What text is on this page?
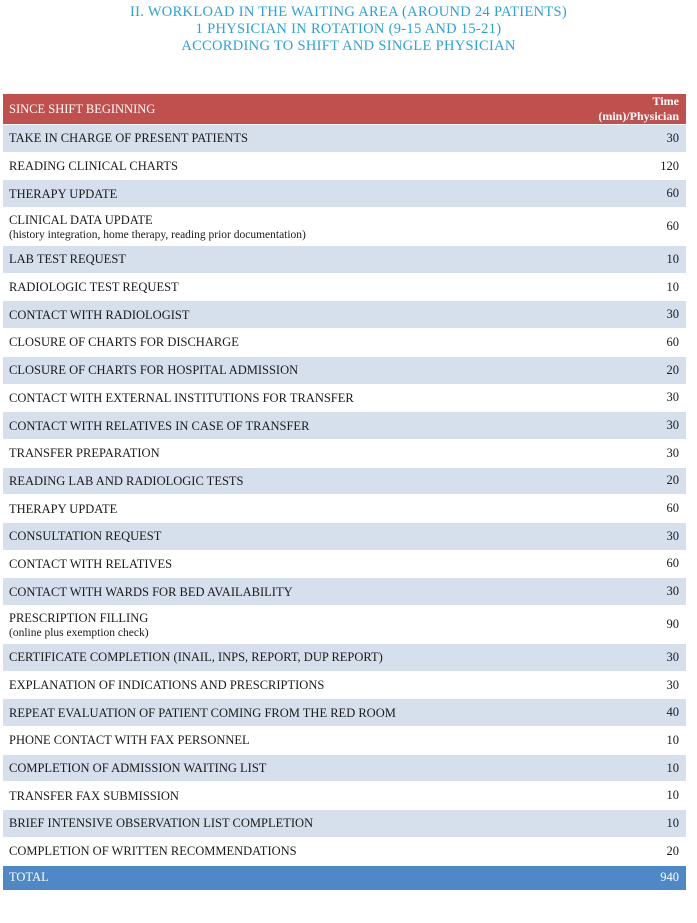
II. WORKLOAD IN THE WAITING AREA (AROUND 24 PATIENTS)
1 PHYSICIAN IN ROTATION (9-15 AND 15-21)
ACCORDING TO SHIFT AND SINGLE PHYSICIAN
SINCE SHIFT BEGINNING	Time (min)/Physician

TAKE IN CHARGE OF PRESENT PATIENTS	30

READING CLINICAL CHARTS	120

THERAPY UPDATE	60

CLINICAL DATA UPDATE
(history integration, home therapy, reading prior documentation)	60

LAB TEST REQUEST	10

RADIOLOGIC TEST REQUEST	10

CONTACT WITH RADIOLOGIST	30

CLOSURE OF CHARTS FOR DISCHARGE	60

CLOSURE OF CHARTS FOR HOSPITAL ADMISSION	20

CONTACT WITH EXTERNAL INSTITUTIONS FOR TRANSFER	30

CONTACT WITH RELATIVES IN CASE OF TRANSFER	30

TRANSFER PREPARATION	30

READING LAB AND RADIOLOGIC TESTS	20

THERAPY UPDATE	60

CONSULTATION REQUEST	30

CONTACT WITH RELATIVES	60

CONTACT WITH WARDS FOR BED AVAILABILITY	30

PRESCRIPTION FILLING
(online plus exemption check)	90

CERTIFICATE COMPLETION (INAIL, INPS, REPORT, DUP REPORT)	30

EXPLANATION OF INDICATIONS AND PRESCRIPTIONS	30

REPEAT EVALUATION OF PATIENT COMING FROM THE RED ROOM	40

PHONE CONTACT WITH FAX PERSONNEL	10

COMPLETION OF ADMISSION WAITING LIST	10

TRANSFER FAX SUBMISSION	10

BRIEF INTENSIVE OBSERVATION LIST COMPLETION	10

COMPLETION OF WRITTEN RECOMMENDATIONS	20
TOTAL	940
